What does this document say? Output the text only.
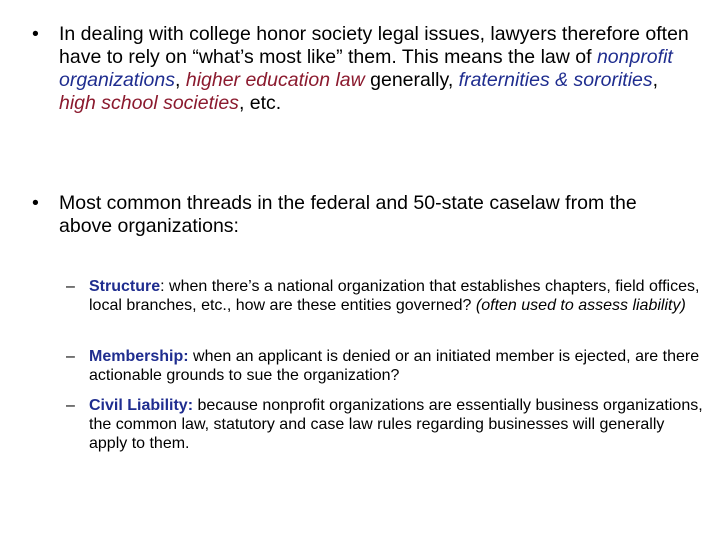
• In dealing with college honor society legal issues, lawyers therefore often have to rely on “what’s most like” them. This means the law of nonprofit organizations, higher education law generally, fraternities & sororities, high school societies, etc.
• Most common threads in the federal and 50-state caselaw from the above organizations:
– Structure: when there’s a national organization that establishes chapters, field offices, local branches, etc., how are these entities governed? (often used to assess liability)
– Membership: when an applicant is denied or an initiated member is ejected, are there actionable grounds to sue the organization?
– Civil Liability: because nonprofit organizations are essentially business organizations, the common law, statutory and case law rules regarding businesses will generally apply to them.
